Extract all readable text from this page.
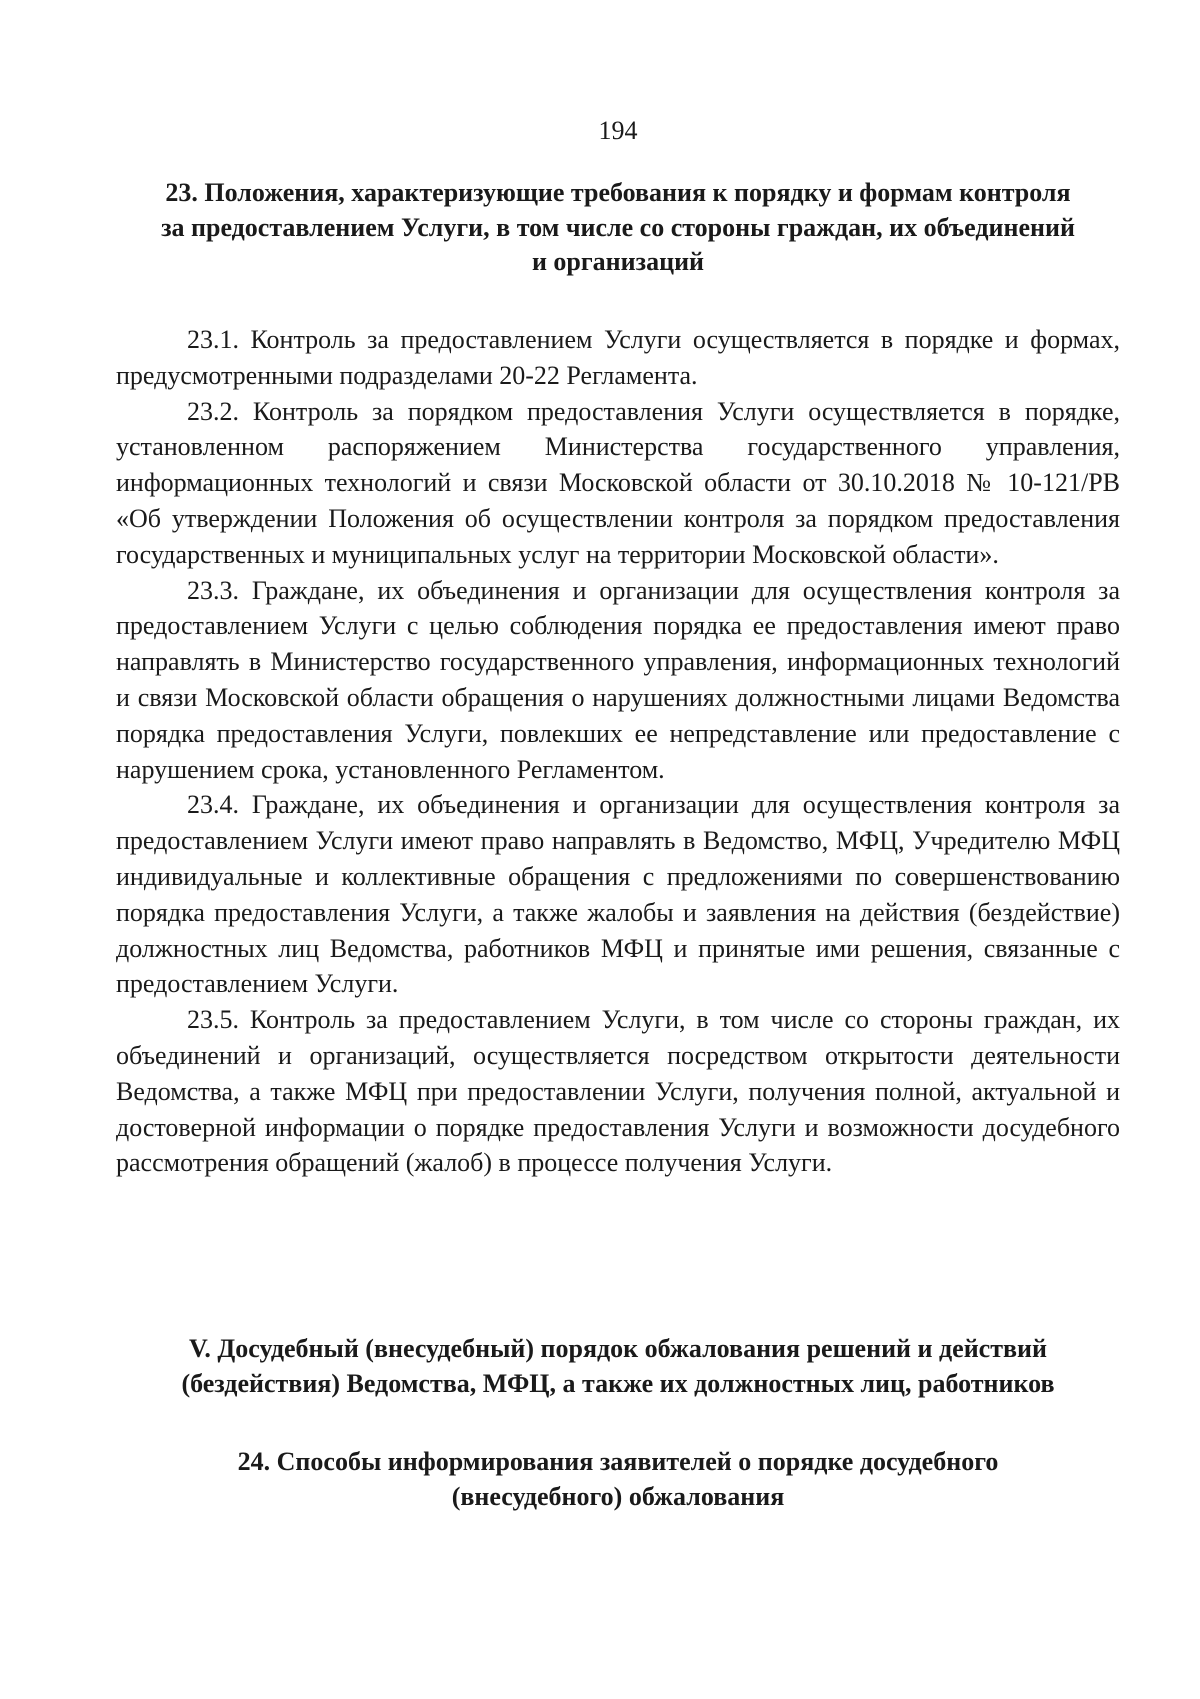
194
23. Положения, характеризующие требования к порядку и формам контроля
за предоставлением Услуги, в том числе со стороны граждан, их объединений
и организаций

23.1. Контроль за предоставлением Услуги осуществляется в порядке и формах, предусмотренными подразделами 20-22 Регламента.

23.2. Контроль за порядком предоставления Услуги осуществляется в порядке, установленном распоряжением Министерства государственного управления, информационных технологий и связи Московской области от 30.10.2018 № 10-121/РВ «Об утверждении Положения об осуществлении контроля за порядком предоставления государственных и муниципальных услуг на территории Московской области».

23.3. Граждане, их объединения и организации для осуществления контроля за предоставлением Услуги с целью соблюдения порядка ее предоставления имеют право направлять в Министерство государственного управления, информационных технологий и связи Московской области обращения о нарушениях должностными лицами Ведомства порядка предоставления Услуги, повлекших ее непредставление или предоставление с нарушением срока, установленного Регламентом.

23.4. Граждане, их объединения и организации для осуществления контроля за предоставлением Услуги имеют право направлять в Ведомство, МФЦ, Учредителю МФЦ индивидуальные и коллективные обращения с предложениями по совершенствованию порядка предоставления Услуги, а также жалобы и заявления на действия (бездействие) должностных лиц Ведомства, работников МФЦ и принятые ими решения, связанные с предоставлением Услуги.

23.5. Контроль за предоставлением Услуги, в том числе со стороны граждан, их объединений и организаций, осуществляется посредством открытости деятельности Ведомства, а также МФЦ при предоставлении Услуги, получения полной, актуальной и достоверной информации о порядке предоставления Услуги и возможности досудебного рассмотрения обращений (жалоб) в процессе получения Услуги.

V. Досудебный (внесудебный) порядок обжалования решений и действий
(бездействия) Ведомства, МФЦ, а также их должностных лиц, работников
24. Способы информирования заявителей о порядке досудебного
(внесудебного) обжалования
